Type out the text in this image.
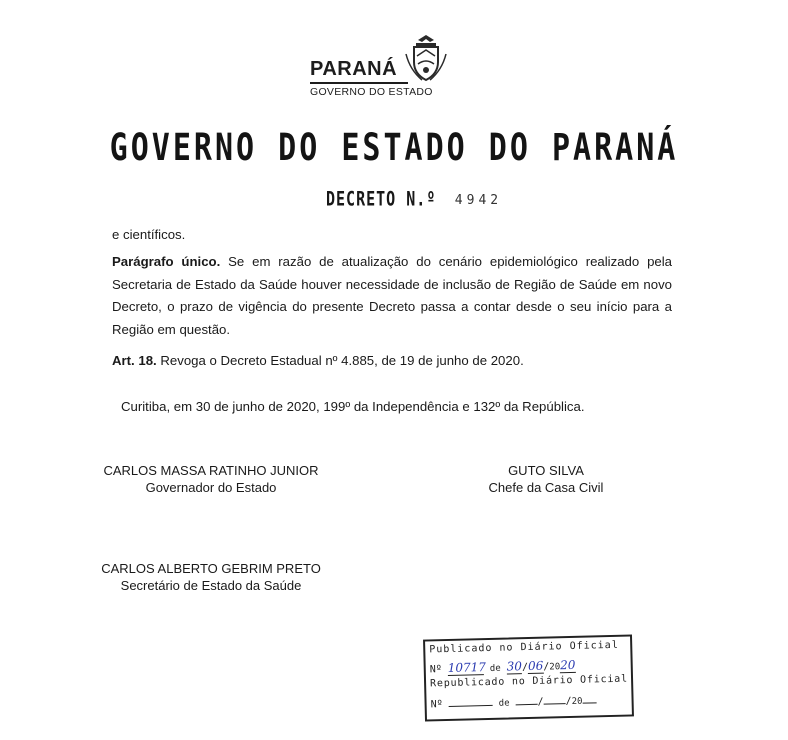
PARANÁ
GOVERNO DO ESTADO
GOVERNO DO ESTADO DO PARANÁ
DECRETO N.º 4942
e científicos.
Parágrafo único. Se em razão de atualização do cenário epidemiológico realizado pela Secretaria de Estado da Saúde houver necessidade de inclusão de Região de Saúde em novo Decreto, o prazo de vigência do presente Decreto passa a contar desde o seu início para a Região em questão.
Art. 18. Revoga o Decreto Estadual nº 4.885, de 19 de junho de 2020.
Curitiba, em 30 de junho de 2020, 199º da Independência e 132º da República.
CARLOS MASSA RATINHO JUNIOR
Governador do Estado
GUTO SILVA
Chefe da Casa Civil
CARLOS ALBERTO GEBRIM PRETO
Secretário de Estado da Saúde
Publicado no Diário Oficial
Nº 10717 de 30/06/2020
Republicado no Diário Oficial
Nº	de	/ /20
